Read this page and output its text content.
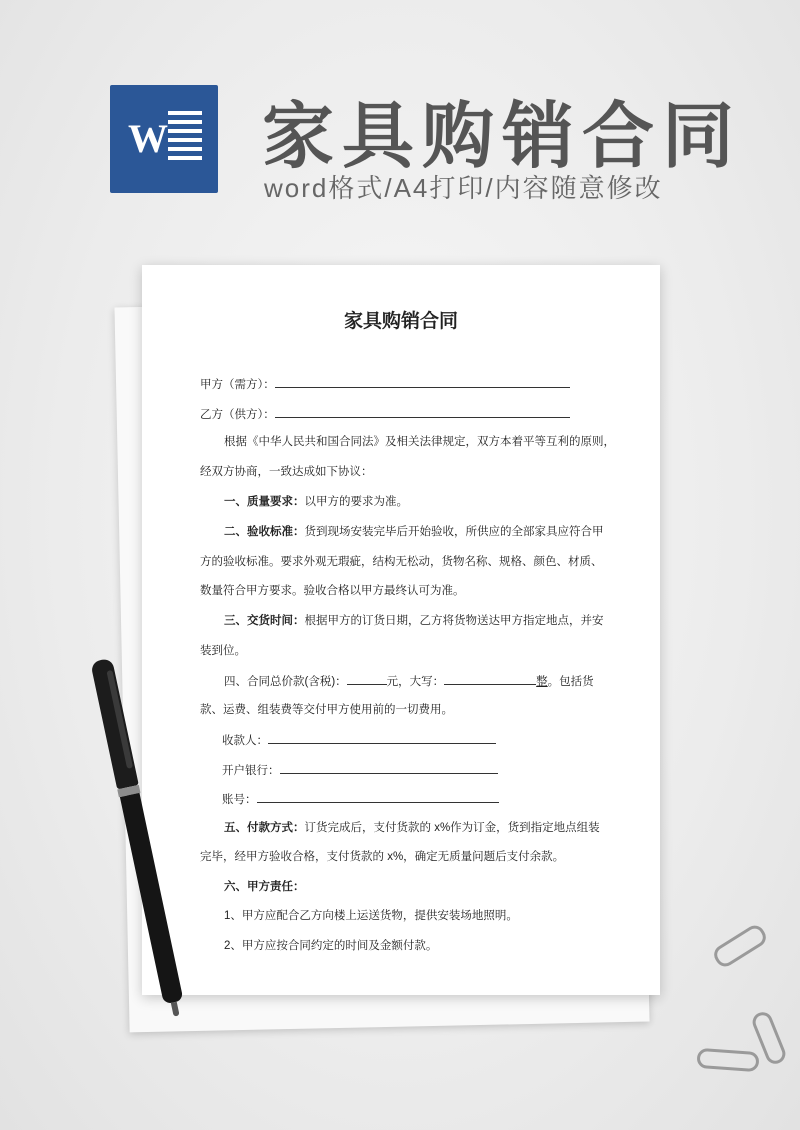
W 家具购销合同
word格式/A4打印/内容随意修改
家具购销合同
甲方（需方）：
乙方（供方）：
根据《中华人民共和国合同法》及相关法律规定，双方本着平等互利的原则，
经双方协商，一致达成如下协议：
一、质量要求：以甲方的要求为准。
二、验收标准：货到现场安装完毕后开始验收，所供应的全部家具应符合甲
方的验收标准。要求外观无瑕疵，结构无松动，货物名称、规格、颜色、材质、
数量符合甲方要求。验收合格以甲方最终认可为准。
三、交货时间：根据甲方的订货日期，乙方将货物送达甲方指定地点，并安
装到位。
四、合同总价款(含税)：	元，大写：	整。包括货
款、运费、组装费等交付甲方使用前的一切费用。
收款人：
开户银行：
账号：
五、付款方式：订货完成后，支付货款的 x%作为订金，货到指定地点组装
完毕，经甲方验收合格，支付货款的 x%，确定无质量问题后支付余款。
六、甲方责任：
1、甲方应配合乙方向楼上运送货物，提供安装场地照明。
2、甲方应按合同约定的时间及金额付款。
